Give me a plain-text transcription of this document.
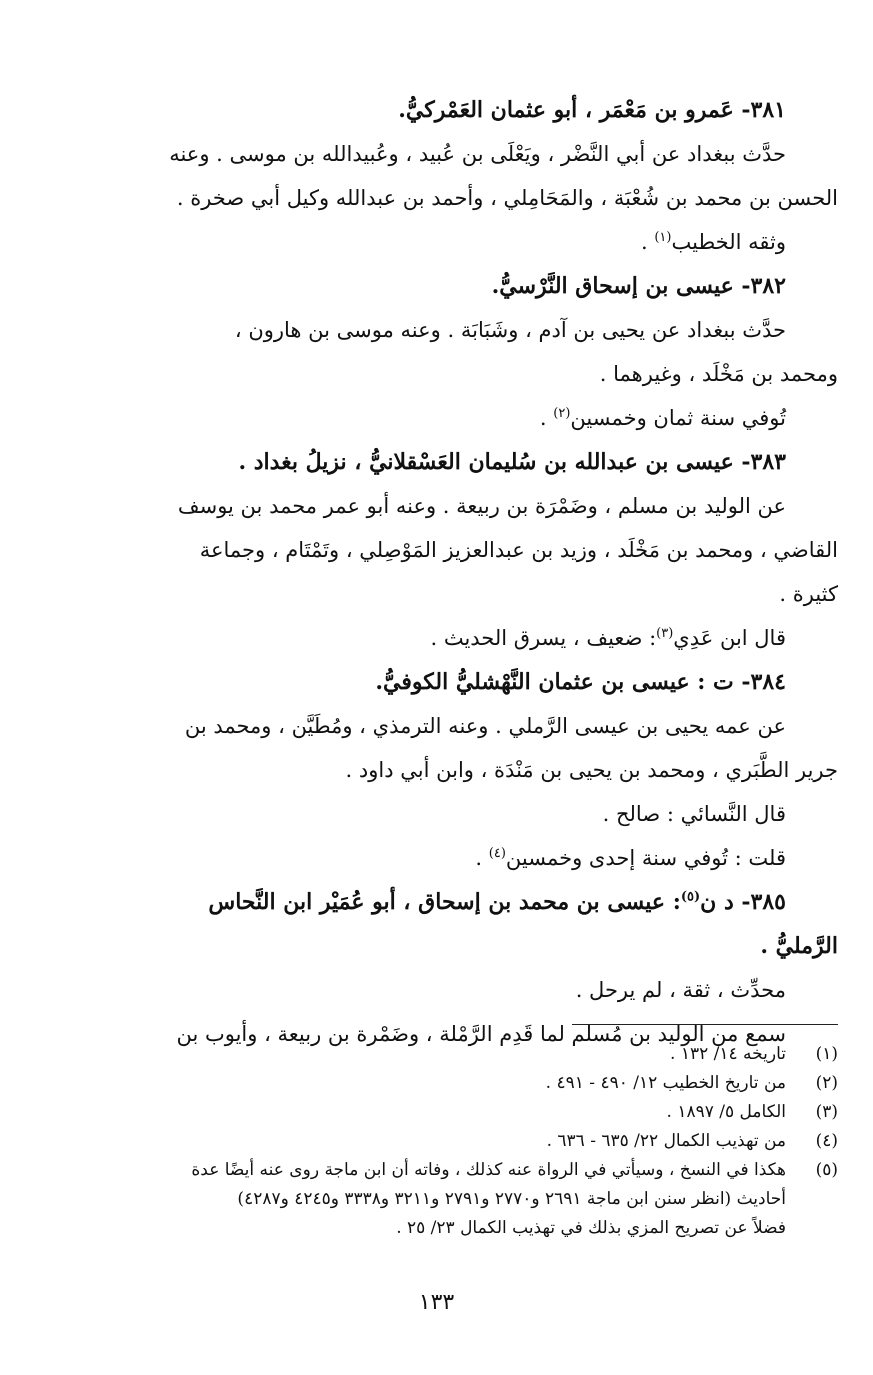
٣٨١- عَمرو بن مَعْمَر ، أبو عثمان العَمْركيُّ.
حدَّث ببغداد عن أبي النَّضْر ، ويَعْلَى بن عُبيد ، وعُبيدالله بن موسى . وعنه
الحسن بن محمد بن شُعْبَة ، والمَحَامِلي ، وأحمد بن عبدالله وكيل أبي صخرة .
وثقه الخطيب$^{(١)}$ .
٣٨٢- عيسى بن إسحاق النَّرْسيُّ.
حدَّث ببغداد عن يحيى بن آدم ، وشَبَابَة . وعنه موسى بن هارون ،
ومحمد بن مَخْلَد ، وغيرهما .
تُوفي سنة ثمان وخمسين$^{(٢)}$ .
٣٨٣- عيسى بن عبدالله بن سُليمان العَسْقلانيُّ ، نزيلُ بغداد .
عن الوليد بن مسلم ، وضَمْرَة بن ربيعة . وعنه أبو عمر محمد بن يوسف
القاضي ، ومحمد بن مَخْلَد ، وزيد بن عبدالعزيز المَوْصِلي ، وتَمْتَام ، وجماعة
كثيرة .
قال ابن عَدِي$^{(٣)}$: ضعيف ، يسرق الحديث .
٣٨٤- ت : عيسى بن عثمان النَّهْشليُّ الكوفيُّ.
عن عمه يحيى بن عيسى الرَّملي . وعنه الترمذي ، ومُطَيَّن ، ومحمد بن
جرير الطَّبَري ، ومحمد بن يحيى بن مَنْدَة ، وابن أبي داود .
قال النَّسائي : صالح .
قلت : تُوفي سنة إحدى وخمسين$^{(٤)}$ .
٣٨٥- د ن$^{(٥)}$: عيسى بن محمد بن إسحاق ، أبو عُمَيْر ابن النَّحاس
الرَّمليُّ .
محدِّث ، ثقة ، لم يرحل .
سمع من الوليد بن مُسلم لما قَدِم الرَّمْلة ، وضَمْرة بن ربيعة ، وأيوب بن
(١)
تاريخه ١٤/ ١٣٢ .
(٢)
من تاريخ الخطيب ١٢/ ٤٩٠ - ٤٩١ .
(٣)
الكامل ٥/ ١٨٩٧ .
(٤)
من تهذيب الكمال ٢٢/ ٦٣٥ - ٦٣٦ .
(٥)
هكذا في النسخ ، وسيأتي في الرواة عنه كذلك ، وفاته أن ابن ماجة روى عنه أيضًا عدة
أحاديث (انظر سنن ابن ماجة ٢٦٩١ و٢٧٧٠ و٢٧٩١ و٣٢١١ و٣٣٣٨ و٤٢٤٥ و٤٢٨٧)
فضلاً عن تصريح المزي بذلك في تهذيب الكمال ٢٣/ ٢٥ .
١٣٣
